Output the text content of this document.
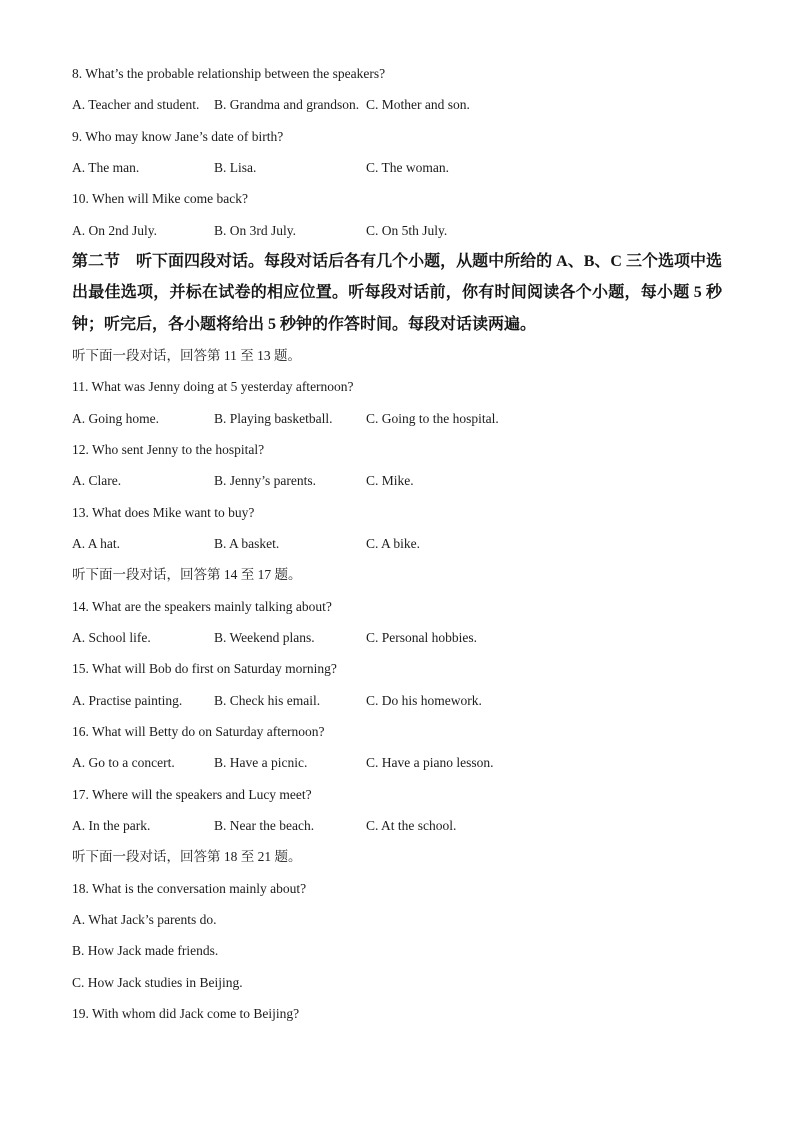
8. What’s the probable relationship between the speakers?
A. Teacher and student.	B. Grandma and grandson. C. Mother and son.
9. Who may know Jane’s date of birth?
A. The man.	B. Lisa.	C. The woman.
10. When will Mike come back?
A. On 2nd July.	B. On 3rd July.	C. On 5th July.
第二节　听下面四段对话。每段对话后各有几个小题，从题中所给的 A、B、C 三个选项中选出最佳选项，并标在试卷的相应位置。听每段对话前，你有时间阅读各个小题，每小题 5 秒钟；听完后，各小题将给出 5 秒钟的作答时间。每段对话读两遍。
听下面一段对话，回答第 11 至 13 题。
11. What was Jenny doing at 5 yesterday afternoon?
A. Going home.	B. Playing basketball.	C. Going to the hospital.
12. Who sent Jenny to the hospital?
A. Clare.	B. Jenny’s parents.	C. Mike.
13. What does Mike want to buy?
A. A hat.	B. A basket.	C. A bike.
听下面一段对话，回答第 14 至 17 题。
14. What are the speakers mainly talking about?
A. School life.	B. Weekend plans.	C. Personal hobbies.
15. What will Bob do first on Saturday morning?
A. Practise painting.	B. Check his email.	C. Do his homework.
16. What will Betty do on Saturday afternoon?
A. Go to a concert.	B. Have a picnic.	C. Have a piano lesson.
17. Where will the speakers and Lucy meet?
A. In the park.	B. Near the beach.	C. At the school.
听下面一段对话，回答第 18 至 21 题。
18. What is the conversation mainly about?
A. What Jack’s parents do.
B. How Jack made friends.
C. How Jack studies in Beijing.
19. With whom did Jack come to Beijing?
